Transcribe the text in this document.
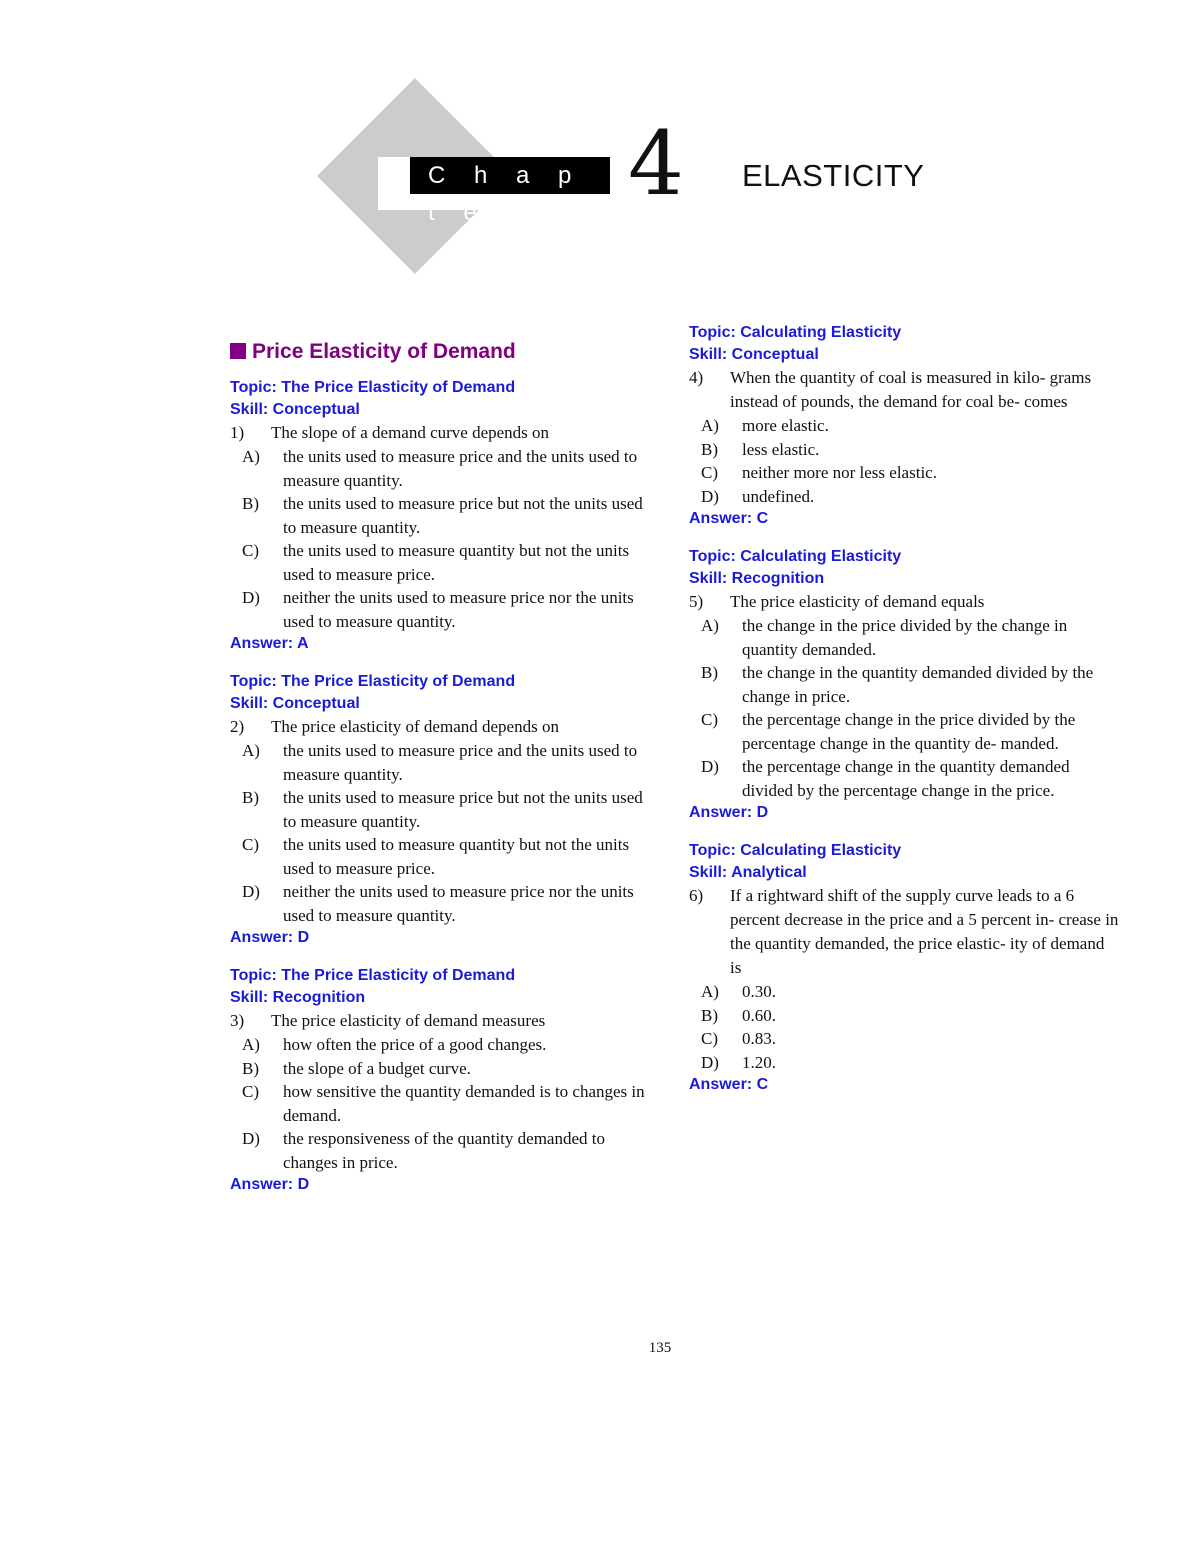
C h a p t e r	4 ELASTICITY
Price Elasticity of Demand
Topic: The Price Elasticity of Demand
Skill: Conceptual
1)	The slope of a demand curve depends on
A)	the units used to measure price and the units used to measure quantity.
B)	the units used to measure price but not the units used to measure quantity.
C)	the units used to measure quantity but not the units used to measure price.
D)	neither the units used to measure price nor the units used to measure quantity.
Answer: A
Topic: The Price Elasticity of Demand
Skill: Conceptual
2)	The price elasticity of demand depends on
A)	the units used to measure price and the units used to measure quantity.
B)	the units used to measure price but not the units used to measure quantity.
C)	the units used to measure quantity but not the units used to measure price.
D)	neither the units used to measure price nor the units used to measure quantity.
Answer: D
Topic: The Price Elasticity of Demand
Skill: Recognition
3)	The price elasticity of demand measures
A)	how often the price of a good changes.
B)	the slope of a budget curve.
C)	how sensitive the quantity demanded is to changes in demand.
D)	the responsiveness of the quantity demanded to changes in price.
Answer: D
Topic: Calculating Elasticity
Skill: Conceptual
4)	When the quantity of coal is measured in kilo- grams instead of pounds, the demand for coal be- comes
A)	more elastic.
B)	less elastic.
C)	neither more nor less elastic.
D)	undefined.
Answer: C
Topic: Calculating Elasticity
Skill: Recognition
5)	The price elasticity of demand equals
A)	the change in the price divided by the change in quantity demanded.
B)	the change in the quantity demanded divided by the change in price.
C)	the percentage change in the price divided by the percentage change in the quantity de- manded.
D)	the percentage change in the quantity demanded divided by the percentage change in the price.
Answer: D
Topic: Calculating Elasticity
Skill: Analytical
6)	If a rightward shift of the supply curve leads to a 6 percent decrease in the price and a 5 percent in- crease in the quantity demanded, the price elastic- ity of demand is
A)	0.30.
B)	0.60.
C)	0.83.
D)	1.20.
Answer: C
135
